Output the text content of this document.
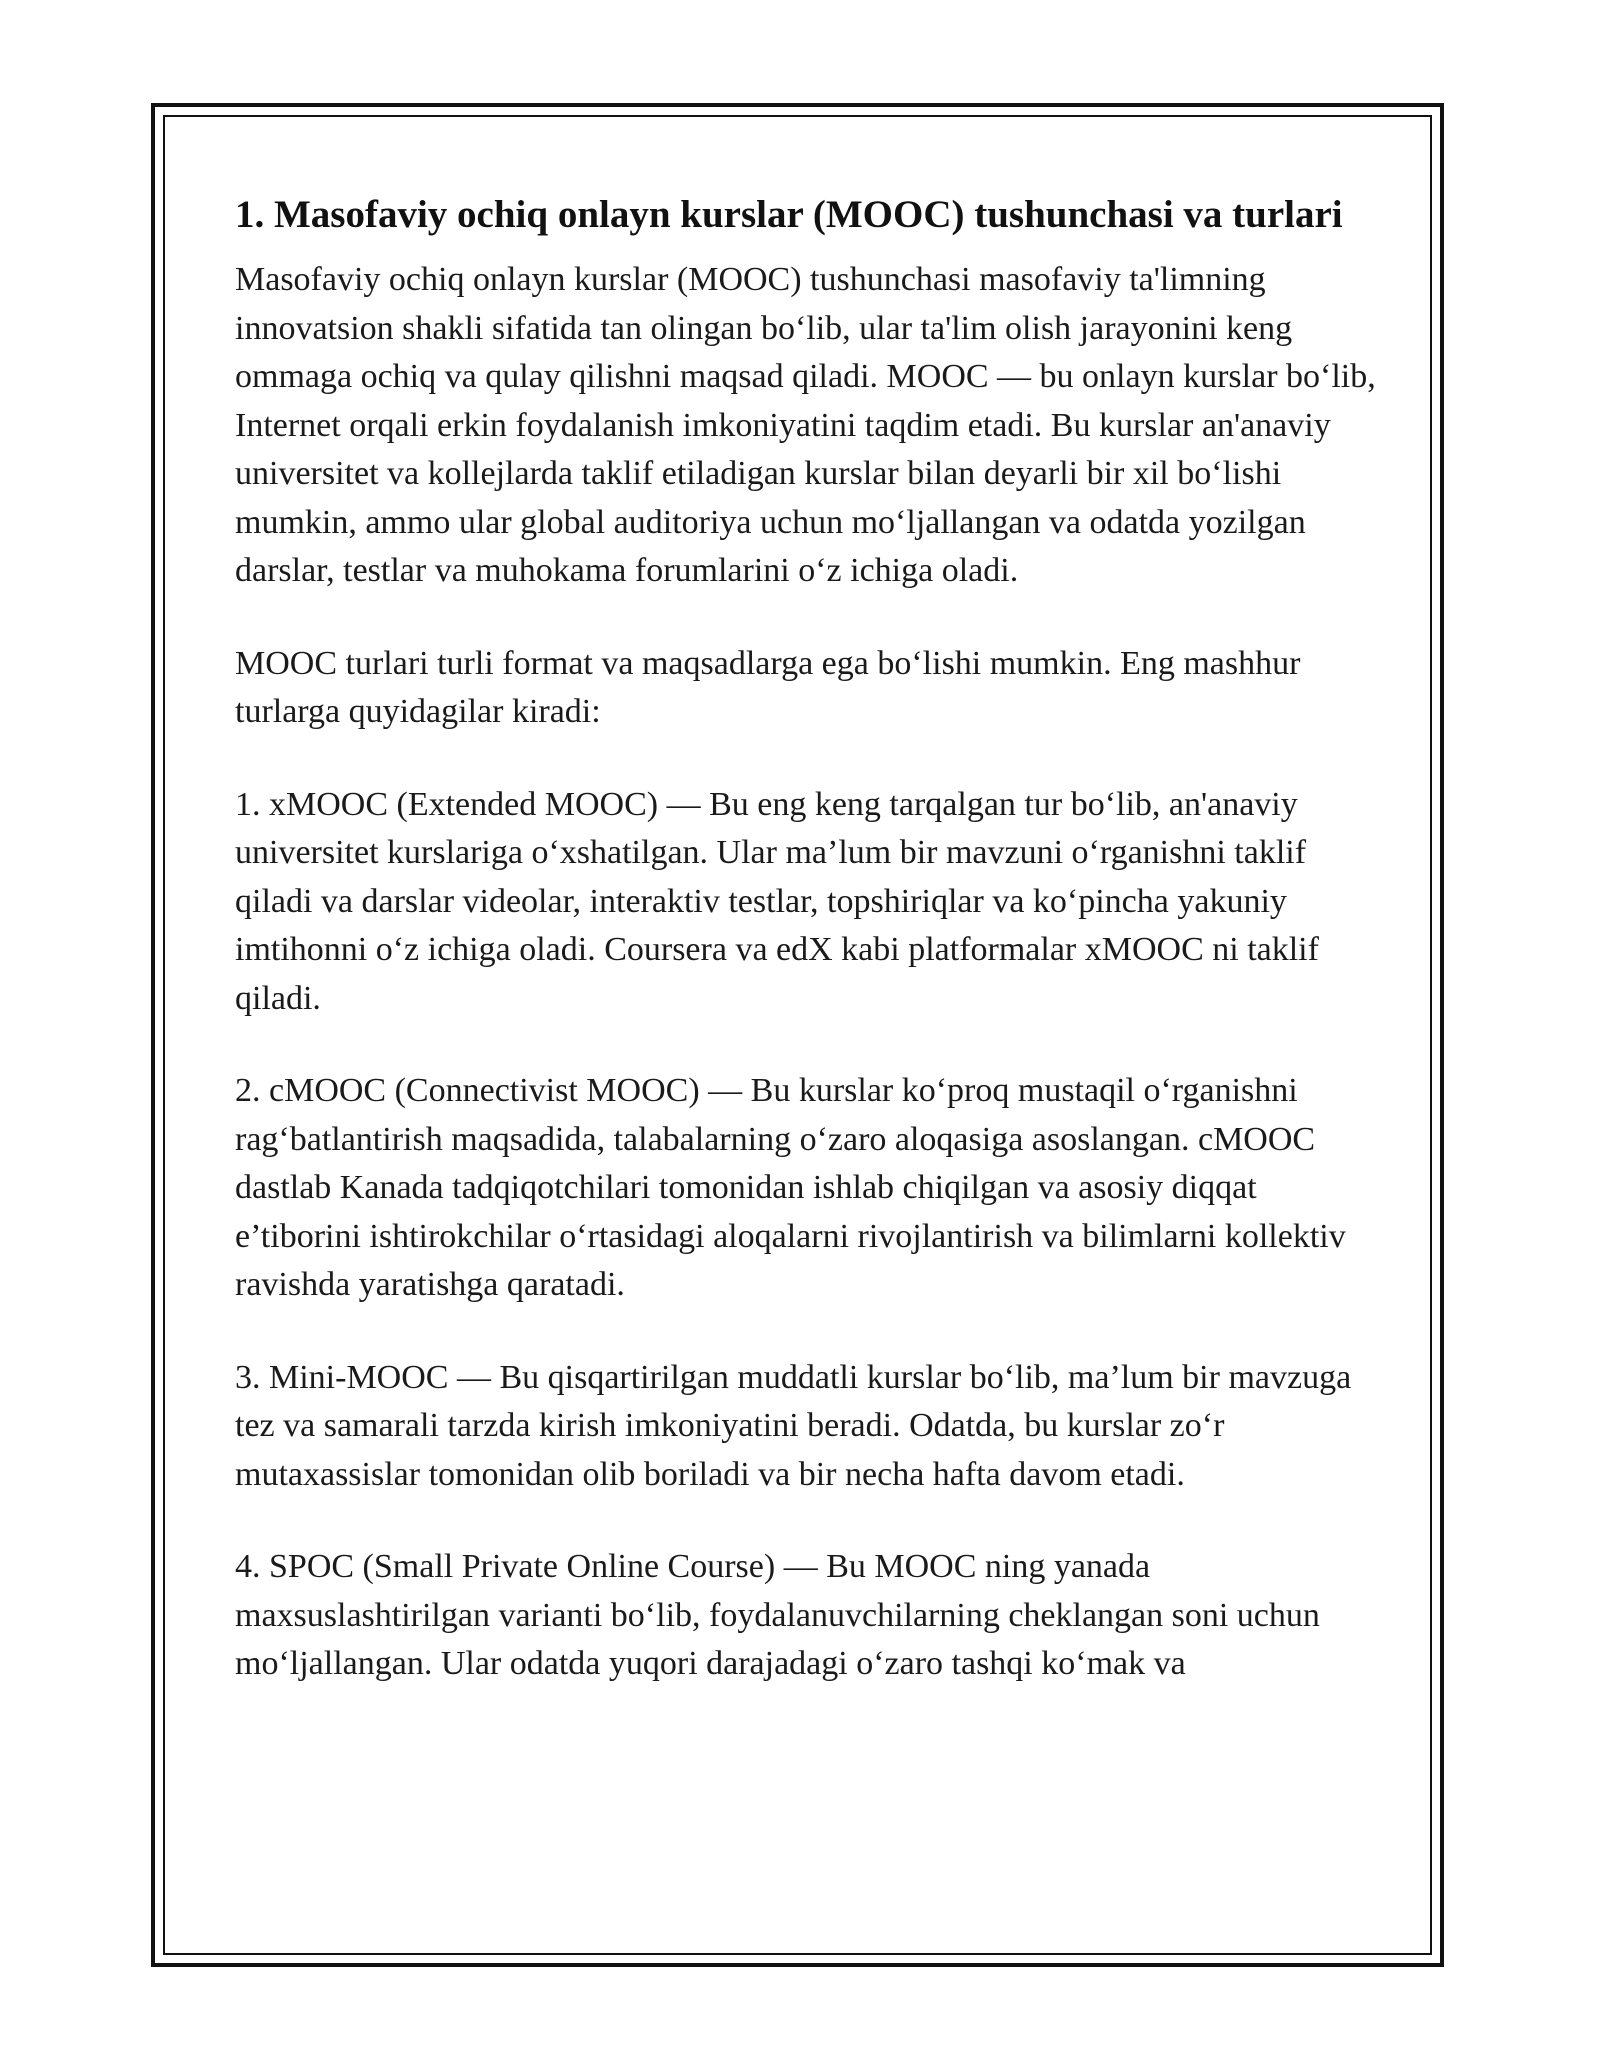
1. Masofaviy ochiq onlayn kurslar (MOOC) tushunchasi va turlari

Masofaviy ochiq onlayn kurslar (MOOC) tushunchasi masofaviy ta'limning innovatsion shakli sifatida tan olingan bo‘lib, ular ta'lim olish jarayonini keng ommaga ochiq va qulay qilishni maqsad qiladi. MOOC — bu onlayn kurslar bo‘lib, Internet orqali erkin foydalanish imkoniyatini taqdim etadi. Bu kurslar an'anaviy universitet va kollejlarda taklif etiladigan kurslar bilan deyarli bir xil bo‘lishi mumkin, ammo ular global auditoriya uchun mo‘ljallangan va odatda yozilgan darslar, testlar va muhokama forumlarini o‘z ichiga oladi.

MOOC turlari turli format va maqsadlarga ega bo‘lishi mumkin. Eng mashhur turlarga quyidagilar kiradi:

1. xMOOC (Extended MOOC) — Bu eng keng tarqalgan tur bo‘lib, an'anaviy universitet kurslariga o‘xshatilgan. Ular ma’lum bir mavzuni o‘rganishni taklif qiladi va darslar videolar, interaktiv testlar, topshiriqlar va ko‘pincha yakuniy imtihonni o‘z ichiga oladi. Coursera va edX kabi platformalar xMOOC ni taklif qiladi.

2. cMOOC (Connectivist MOOC) — Bu kurslar ko‘proq mustaqil o‘rganishni rag‘batlantirish maqsadida, talabalarning o‘zaro aloqasiga asoslangan. cMOOC dastlab Kanada tadqiqotchilari tomonidan ishlab chiqilgan va asosiy diqqat e’tiborini ishtirokchilar o‘rtasidagi aloqalarni rivojlantirish va bilimlarni kollektiv ravishda yaratishga qaratadi.

3. Mini-MOOC — Bu qisqartirilgan muddatli kurslar bo‘lib, ma’lum bir mavzuga tez va samarali tarzda kirish imkoniyatini beradi. Odatda, bu kurslar zo‘r mutaxassislar tomonidan olib boriladi va bir necha hafta davom etadi.

4. SPOC (Small Private Online Course) — Bu MOOC ning yanada maxsuslashtirilgan varianti bo‘lib, foydalanuvchilarning cheklangan soni uchun mo‘ljallangan. Ular odatda yuqori darajadagi o‘zaro tashqi ko‘mak va
